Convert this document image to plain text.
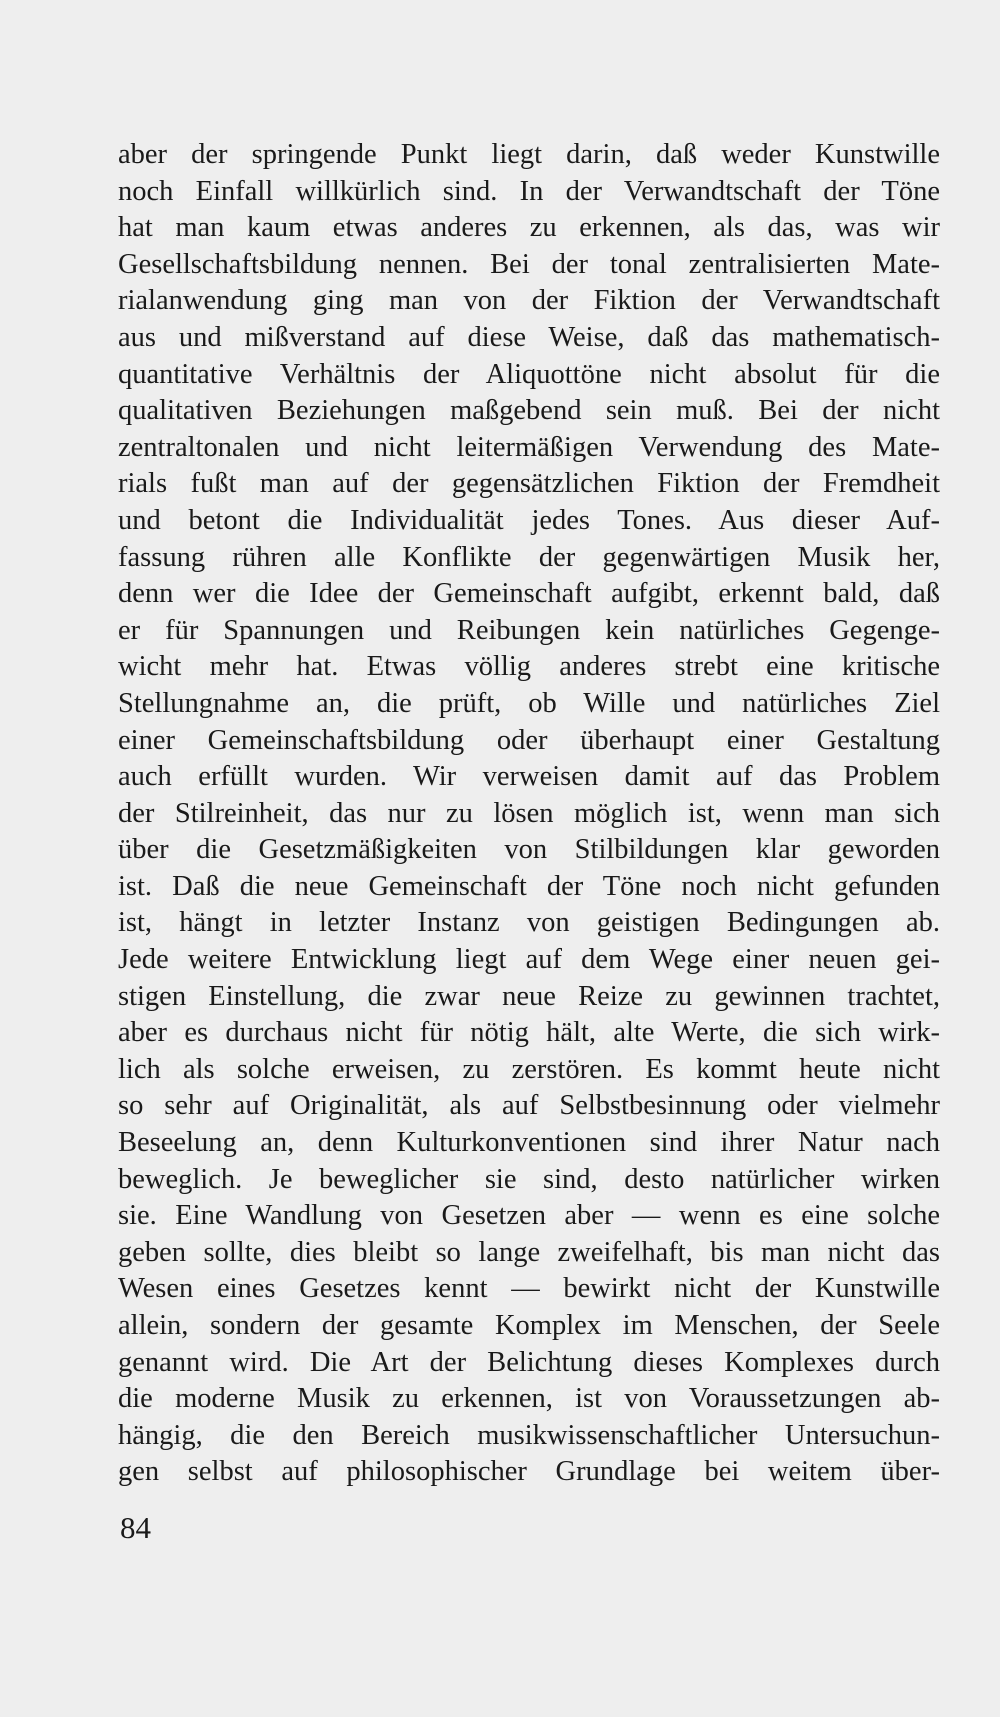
aber der springende Punkt liegt darin, daß weder Kunstwille
noch Einfall willkürlich sind. In der Verwandtschaft der Töne
hat man kaum etwas anderes zu erkennen, als das, was wir
Gesellschaftsbildung nennen. Bei der tonal zentralisierten Mate-
rialanwendung ging man von der Fiktion der Verwandtschaft
aus und mißverstand auf diese Weise, daß das mathematisch-
quantitative Verhältnis der Aliquottöne nicht absolut für die
qualitativen Beziehungen maßgebend sein muß. Bei der nicht
zentraltonalen und nicht leitermäßigen Verwendung des Mate-
rials fußt man auf der gegensätzlichen Fiktion der Fremdheit
und betont die Individualität jedes Tones. Aus dieser Auf-
fassung rühren alle Konflikte der gegenwärtigen Musik her,
denn wer die Idee der Gemeinschaft aufgibt, erkennt bald, daß
er für Spannungen und Reibungen kein natürliches Gegenge-
wicht mehr hat. Etwas völlig anderes strebt eine kritische
Stellungnahme an, die prüft, ob Wille und natürliches Ziel
einer Gemeinschaftsbildung oder überhaupt einer Gestaltung
auch erfüllt wurden. Wir verweisen damit auf das Problem
der Stilreinheit, das nur zu lösen möglich ist, wenn man sich
über die Gesetzmäßigkeiten von Stilbildungen klar geworden
ist. Daß die neue Gemeinschaft der Töne noch nicht gefunden
ist, hängt in letzter Instanz von geistigen Bedingungen ab.
Jede weitere Entwicklung liegt auf dem Wege einer neuen gei-
stigen Einstellung, die zwar neue Reize zu gewinnen trachtet,
aber es durchaus nicht für nötig hält, alte Werte, die sich wirk-
lich als solche erweisen, zu zerstören. Es kommt heute nicht
so sehr auf Originalität, als auf Selbstbesinnung oder vielmehr
Beseelung an, denn Kulturkonventionen sind ihrer Natur nach
beweglich. Je beweglicher sie sind, desto natürlicher wirken
sie. Eine Wandlung von Gesetzen aber — wenn es eine solche
geben sollte, dies bleibt so lange zweifelhaft, bis man nicht das
Wesen eines Gesetzes kennt — bewirkt nicht der Kunstwille
allein, sondern der gesamte Komplex im Menschen, der Seele
genannt wird. Die Art der Belichtung dieses Komplexes durch
die moderne Musik zu erkennen, ist von Voraussetzungen ab-
hängig, die den Bereich musikwissenschaftlicher Untersuchun-
gen selbst auf philosophischer Grundlage bei weitem über-
84
